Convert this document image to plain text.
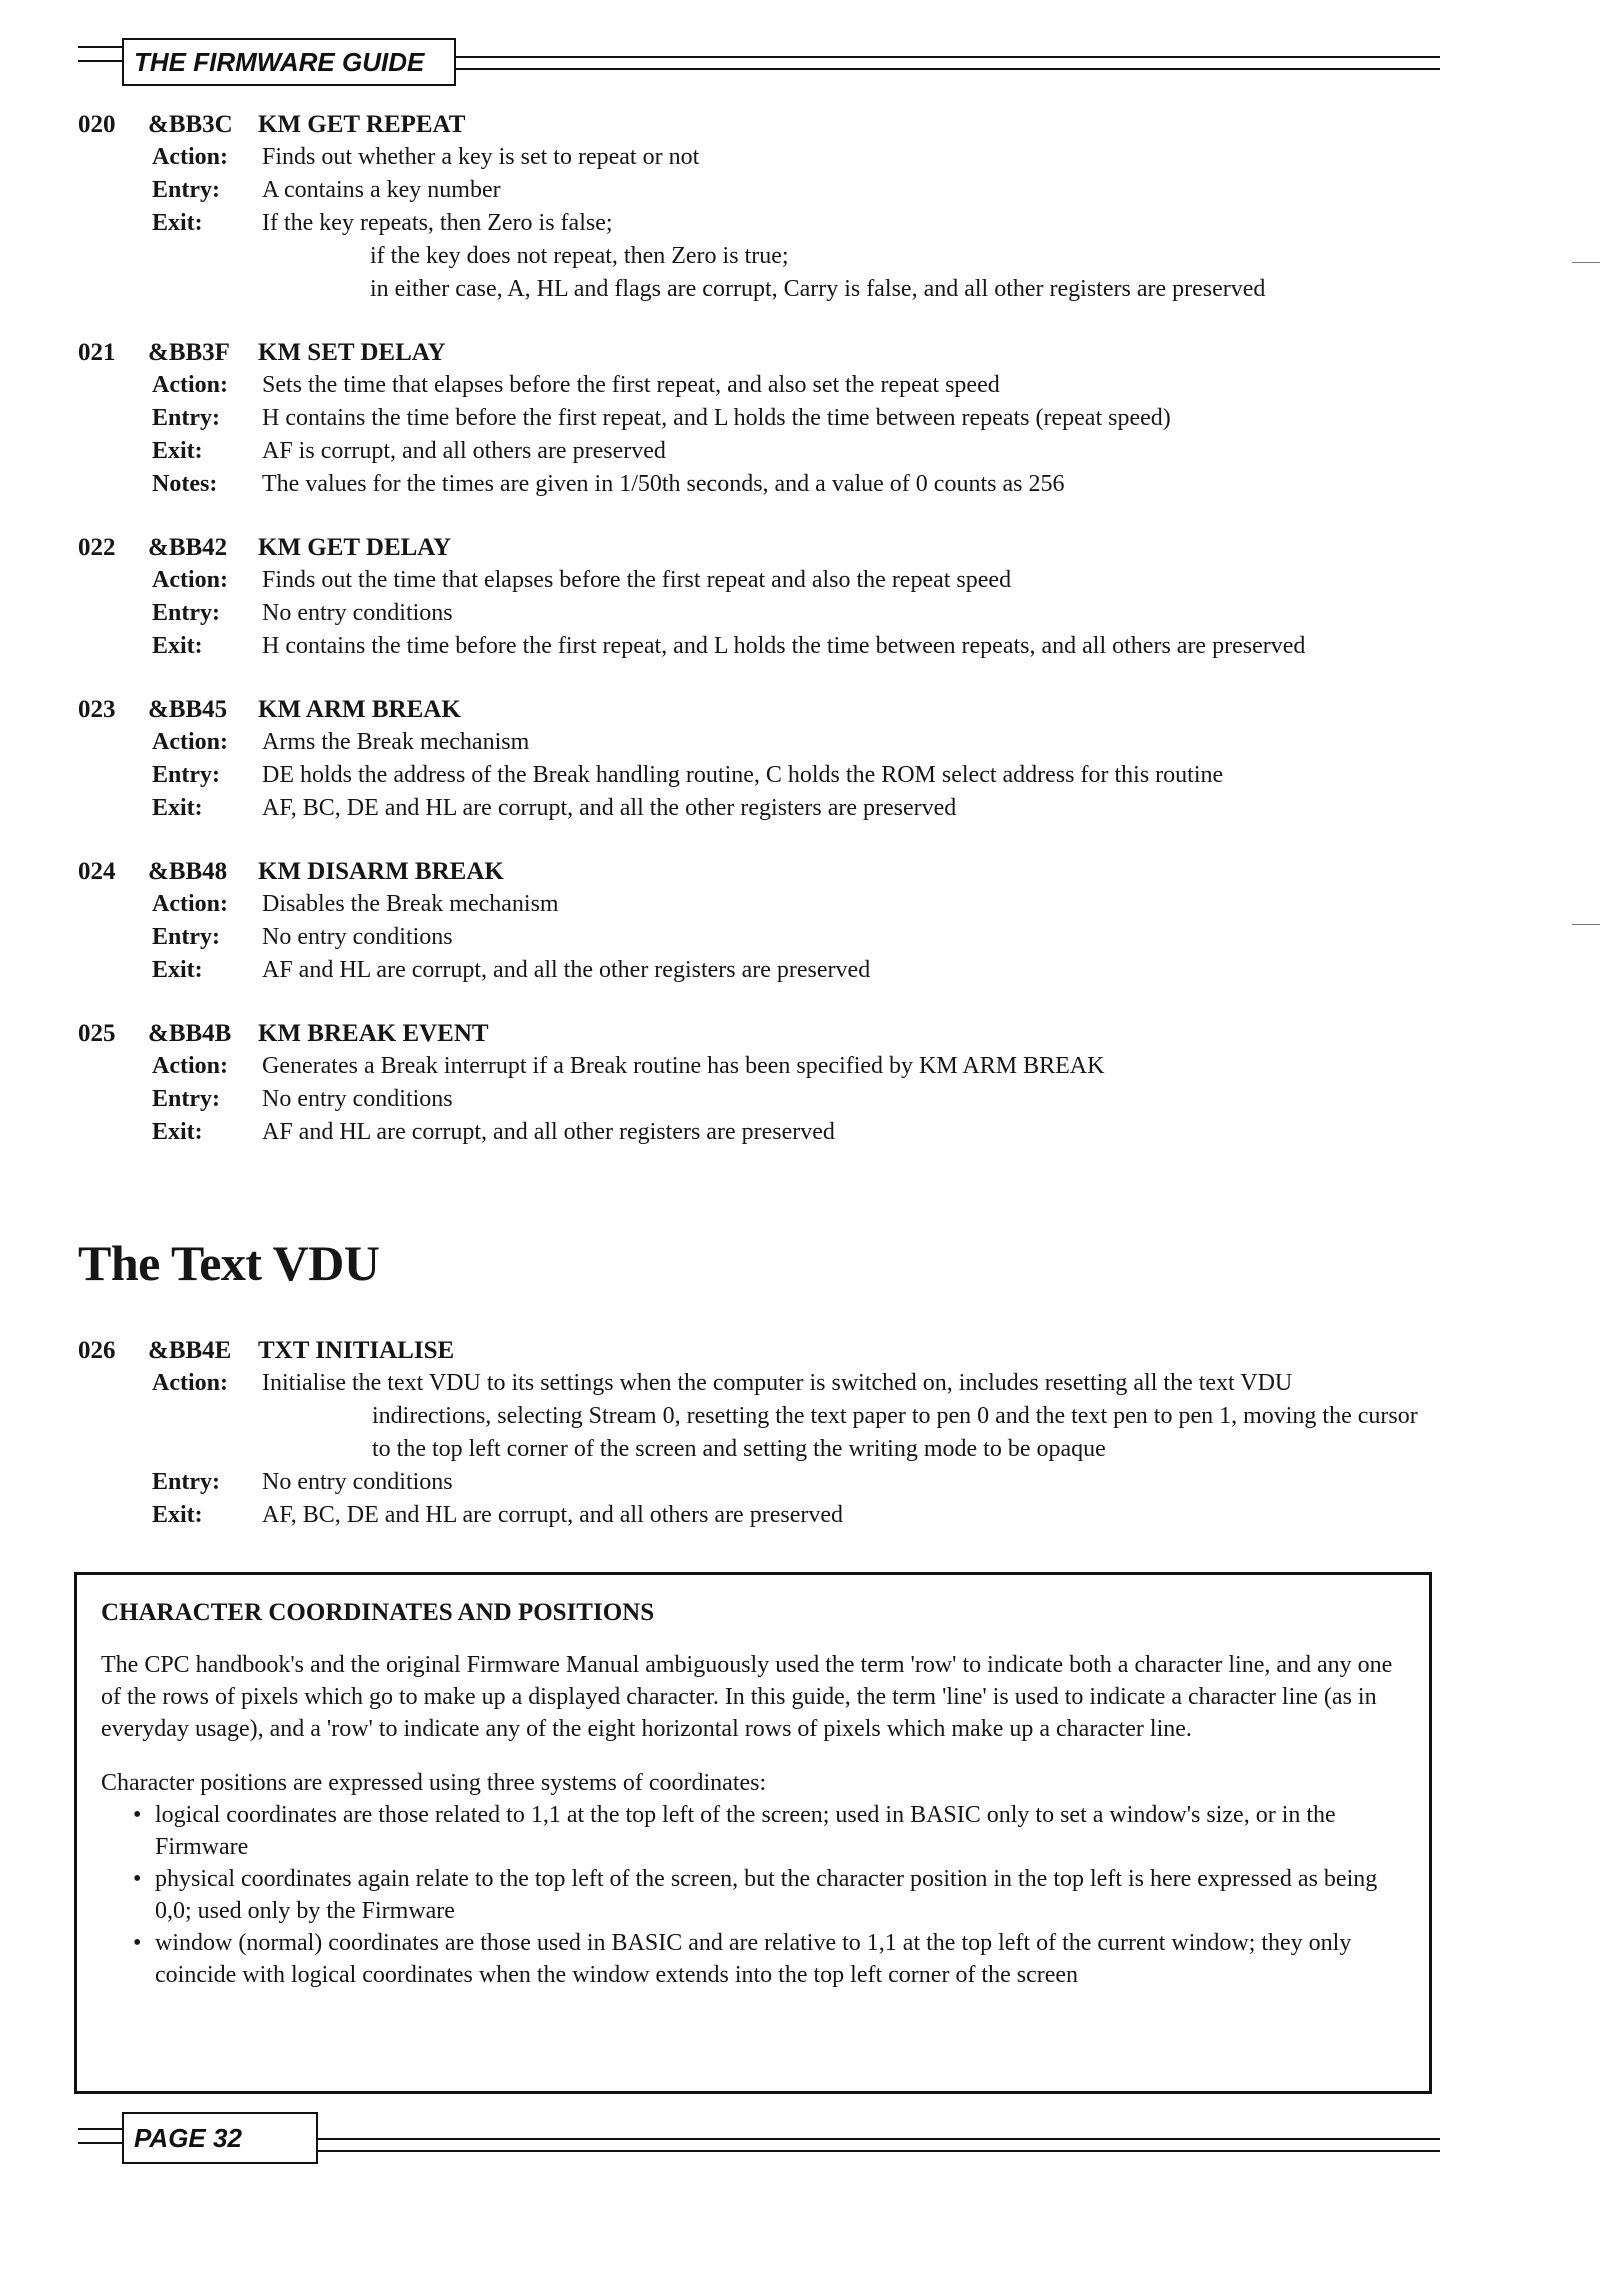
THE FIRMWARE GUIDE
020	&BB3C	KM GET REPEAT
Action:	Finds out whether a key is set to repeat or not
Entry:	A contains a key number
Exit:	If the key repeats, then Zero is false;
if the key does not repeat, then Zero is true;
in either case, A, HL and flags are corrupt, Carry is false, and all other registers are preserved
021	&BB3F	KM SET DELAY
Action:	Sets the time that elapses before the first repeat, and also set the repeat speed
Entry:	H contains the time before the first repeat, and L holds the time between repeats (repeat speed)
Exit:	AF is corrupt, and all others are preserved
Notes:	The values for the times are given in 1/50th seconds, and a value of 0 counts as 256
022	&BB42	KM GET DELAY
Action:	Finds out the time that elapses before the first repeat and also the repeat speed
Entry:	No entry conditions
Exit:	H contains the time before the first repeat, and L holds the time between repeats, and all others are preserved
023	&BB45	KM ARM BREAK
Action:	Arms the Break mechanism
Entry:	DE holds the address of the Break handling routine, C holds the ROM select address for this routine
Exit:	AF, BC, DE and HL are corrupt, and all the other registers are preserved
024	&BB48	KM DISARM BREAK
Action:	Disables the Break mechanism
Entry:	No entry conditions
Exit:	AF and HL are corrupt, and all the other registers are preserved
025	&BB4B	KM BREAK EVENT
Action:	Generates a Break interrupt if a Break routine has been specified by KM ARM BREAK
Entry:	No entry conditions
Exit:	AF and HL are corrupt, and all other registers are preserved
The Text VDU
026	&BB4E	TXT INITIALISE
Action:	Initialise the text VDU to its settings when the computer is switched on, includes resetting all the text VDU
indirections, selecting Stream 0, resetting the text paper to pen 0 and the text pen to pen 1, moving the cursor
to the top left corner of the screen and setting the writing mode to be opaque
Entry:	No entry conditions
Exit:	AF, BC, DE and HL are corrupt, and all others are preserved
CHARACTER COORDINATES AND POSITIONS

The CPC handbook's and the original Firmware Manual ambiguously used the term 'row' to indicate both a character line, and any one of the rows of pixels which go to make up a displayed character. In this guide, the term 'line' is used to indicate a character line (as in everyday usage), and a 'row' to indicate any of the eight horizontal rows of pixels which make up a character line.

Character positions are expressed using three systems of coordinates:

• logical coordinates are those related to 1,1 at the top left of the screen; used in BASIC only to set a window's size, or in the Firmware
• physical coordinates again relate to the top left of the screen, but the character position in the top left is here expressed as being 0,0; used only by the Firmware
• window (normal) coordinates are those used in BASIC and are relative to 1,1 at the top left of the current window; they only coincide with logical coordinates when the window extends into the top left corner of the screen
PAGE 32
